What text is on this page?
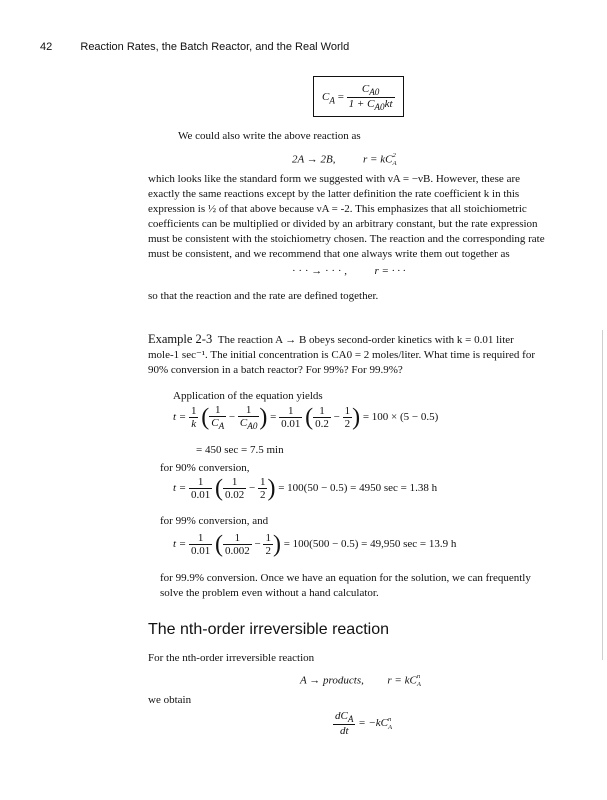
42	Reaction Rates, the Batch Reactor, and the Real World
$C_A = \frac{C_{A0}}{1 + C_{A0}kt}$
We could also write the above reaction as
2A → 2B,	r = kC 2
A
which looks like the standard form we suggested with νA = −νB. However, these are
exactly the same reactions except by the latter definition the rate coefficient k in this
expression is ½ of that above because νA = -2. This emphasizes that all stoichiometric
coefficients can be multiplied or divided by an arbitrary constant, but the rate expression
must be consistent with the stoichiometry chosen. The reaction and the corresponding rate
must be consistent, and we recommend that one always write them out together as
· · · → · · · ,	r = · · ·
so that the reaction and the rate are defined together.
Example 2-3 The reaction A → B obeys second-order kinetics with k = 0.01 liter
mole-1 sec⁻¹. The initial concentration is CA0 = 2 moles/liter. What time is required for
90% conversion in a batch reactor? For 99%? For 99.9%?
Application of the equation yields
$t = \frac{1}{k}$ ( $\frac{1}{C_A} - \frac{1}{C_{A0}}$ ) = $\frac{1}{0.01}$ ( $\frac{1}{0.2} - \frac{1}{2}$ ) = 100 × (5 − 0.5)
= 450 sec = 7.5 min
for 90% conversion,
$t = \frac{1}{0.01}$ ( $\frac{1}{0.02} - \frac{1}{2}$ ) = 100(50 − 0.5) = 4950 sec = 1.38 h
for 99% conversion, and
$t = \frac{1}{0.01}$ ( $\frac{1}{0.002} - \frac{1}{2}$ ) = 100(500 − 0.5) = 49,950 sec = 13.9 h
for 99.9% conversion. Once we have an equation for the solution, we can frequently
solve the problem even without a hand calculator.
The nth-order irreversible reaction
For the nth-order irreversible reaction
A → products, r = kC n
A
we obtain
$\frac{dC_A}{dt} = -kC$ n
A
